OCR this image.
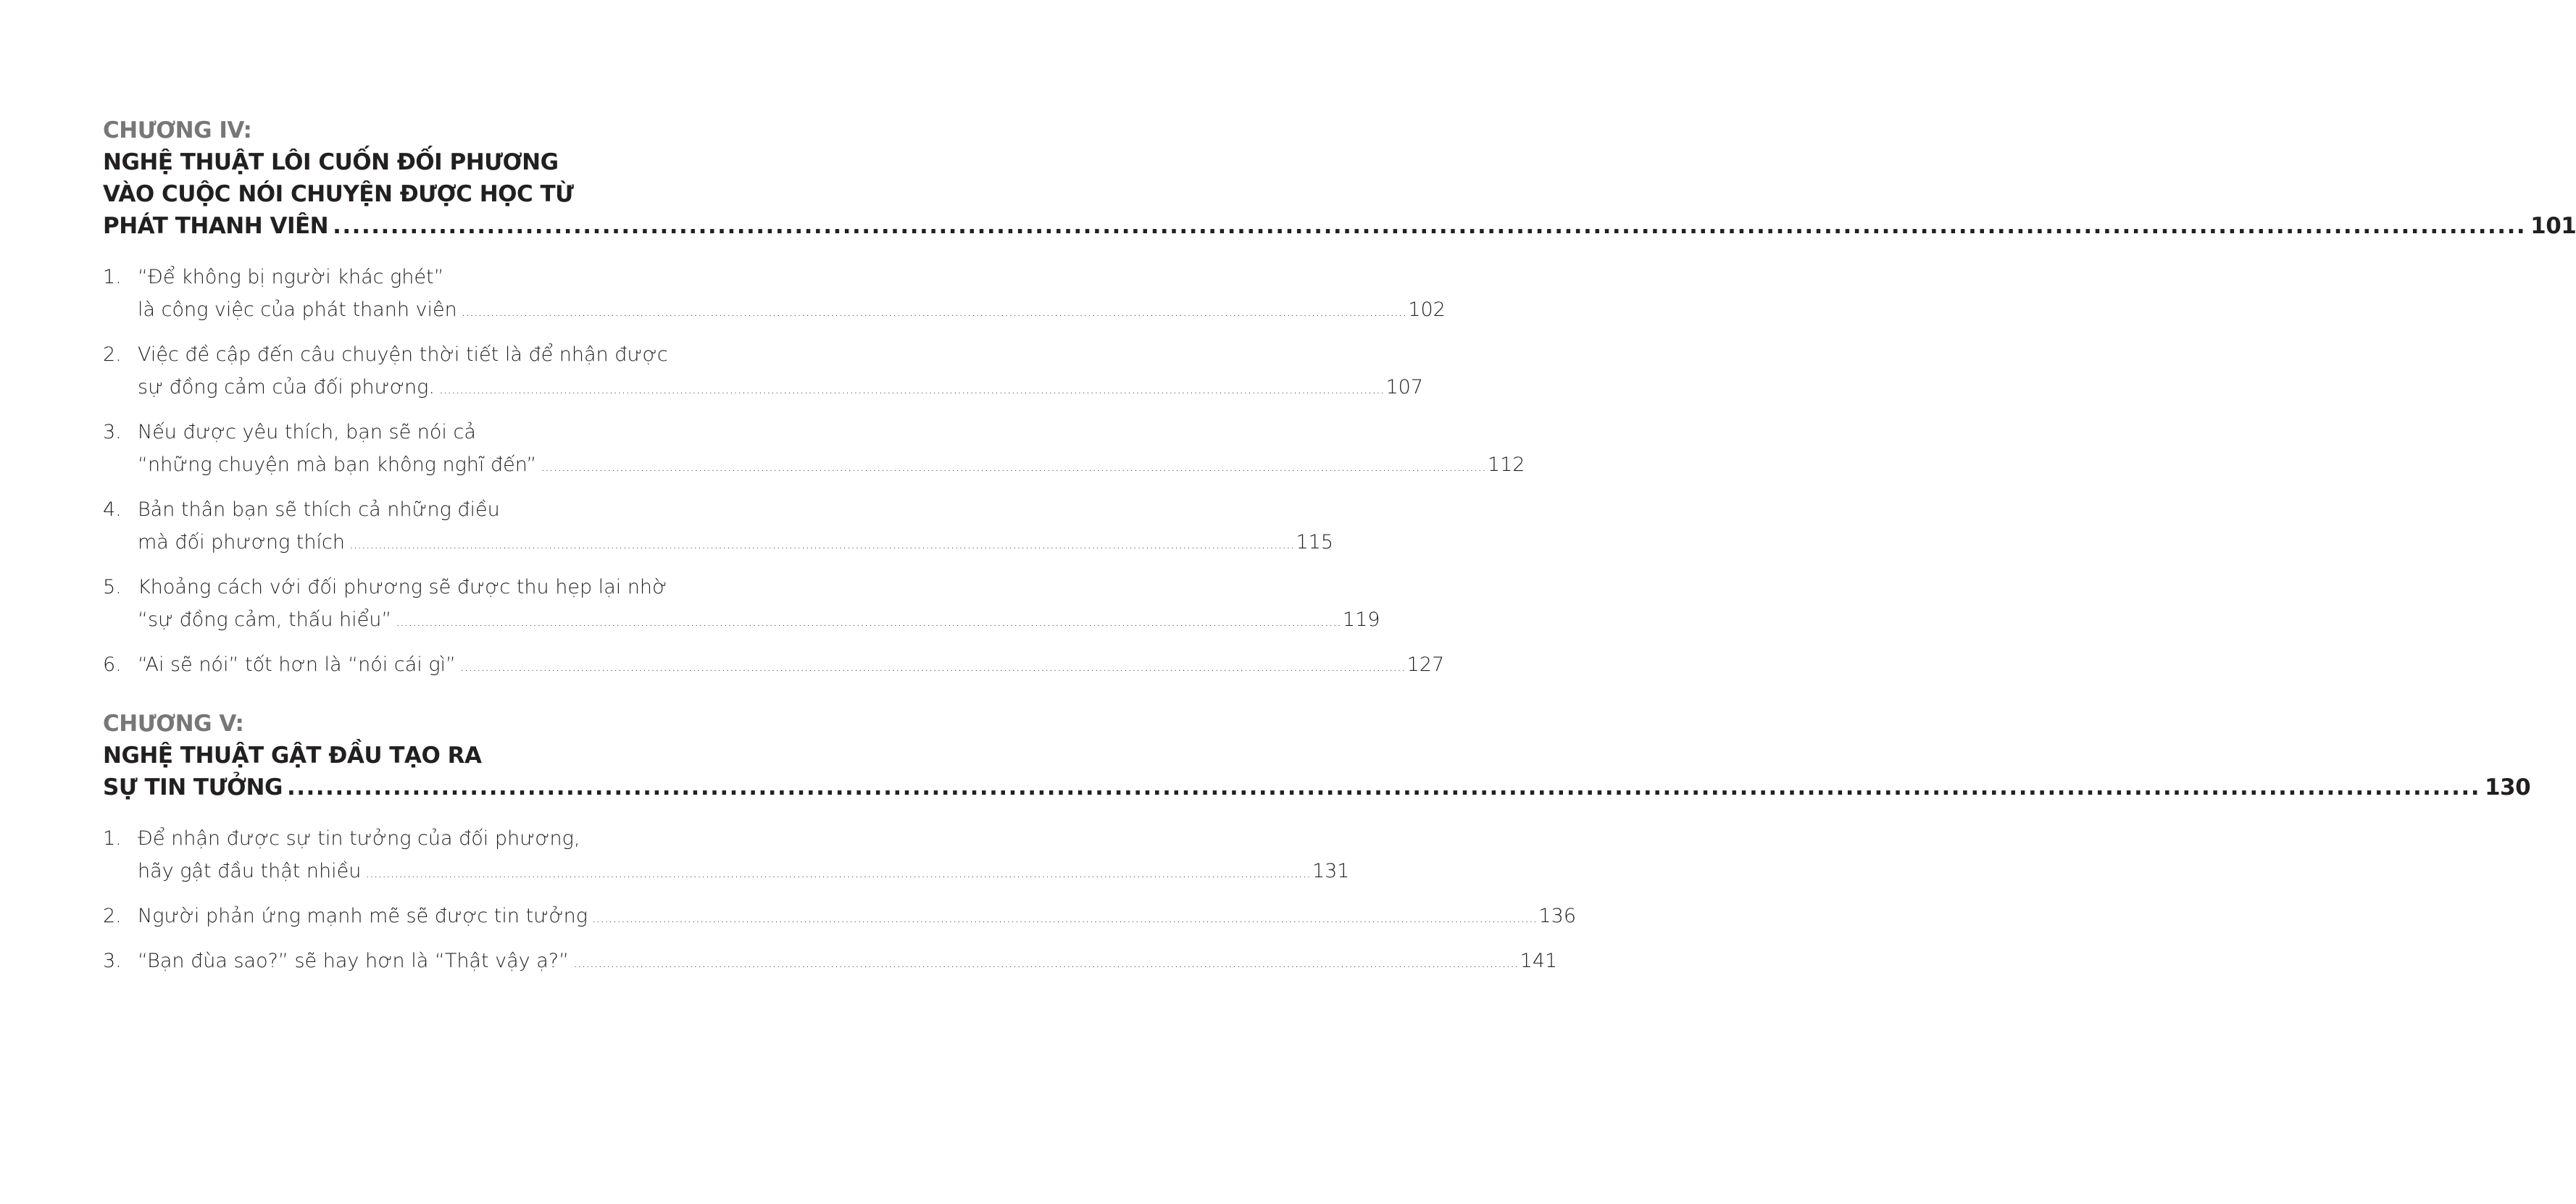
CHƯƠNG IV:
NGHỆ THUẬT LÔI CUỐN ĐỐI PHƯƠNG
VÀO CUỘC NÓI CHUYỆN ĐƯỢC HỌC TỪ
PHÁT THANH VIÊN .....	101
1. “Để không bị người khác ghét”
là công việc của phát thanh viên .....	102
2. Việc đề cập đến câu chuyện thời tiết là để nhận được
sự đồng cảm của đối phương. .....	107
3. Nếu được yêu thích, bạn sẽ nói cả
“những chuyện mà bạn không nghĩ đến” .....	112
4. Bản thân bạn sẽ thích cả những điều
mà đối phương thích .....	115
5. Khoảng cách với đối phương sẽ được thu hẹp lại nhờ
“sự đồng cảm, thấu hiểu” .....	119
6. “Ai sẽ nói” tốt hơn là “nói cái gì” .....	127
CHƯƠNG V:
NGHỆ THUẬT GẬT ĐẦU TẠO RA
SỰ TIN TƯỞNG .....	130
1. Để nhận được sự tin tưởng của đối phương,
hãy gật đầu thật nhiều .....	131
2. Người phản ứng mạnh mẽ sẽ được tin tưởng .....	136
3. “Bạn đùa sao?” sẽ hay hơn là “Thật vậy ạ?” .....	141
